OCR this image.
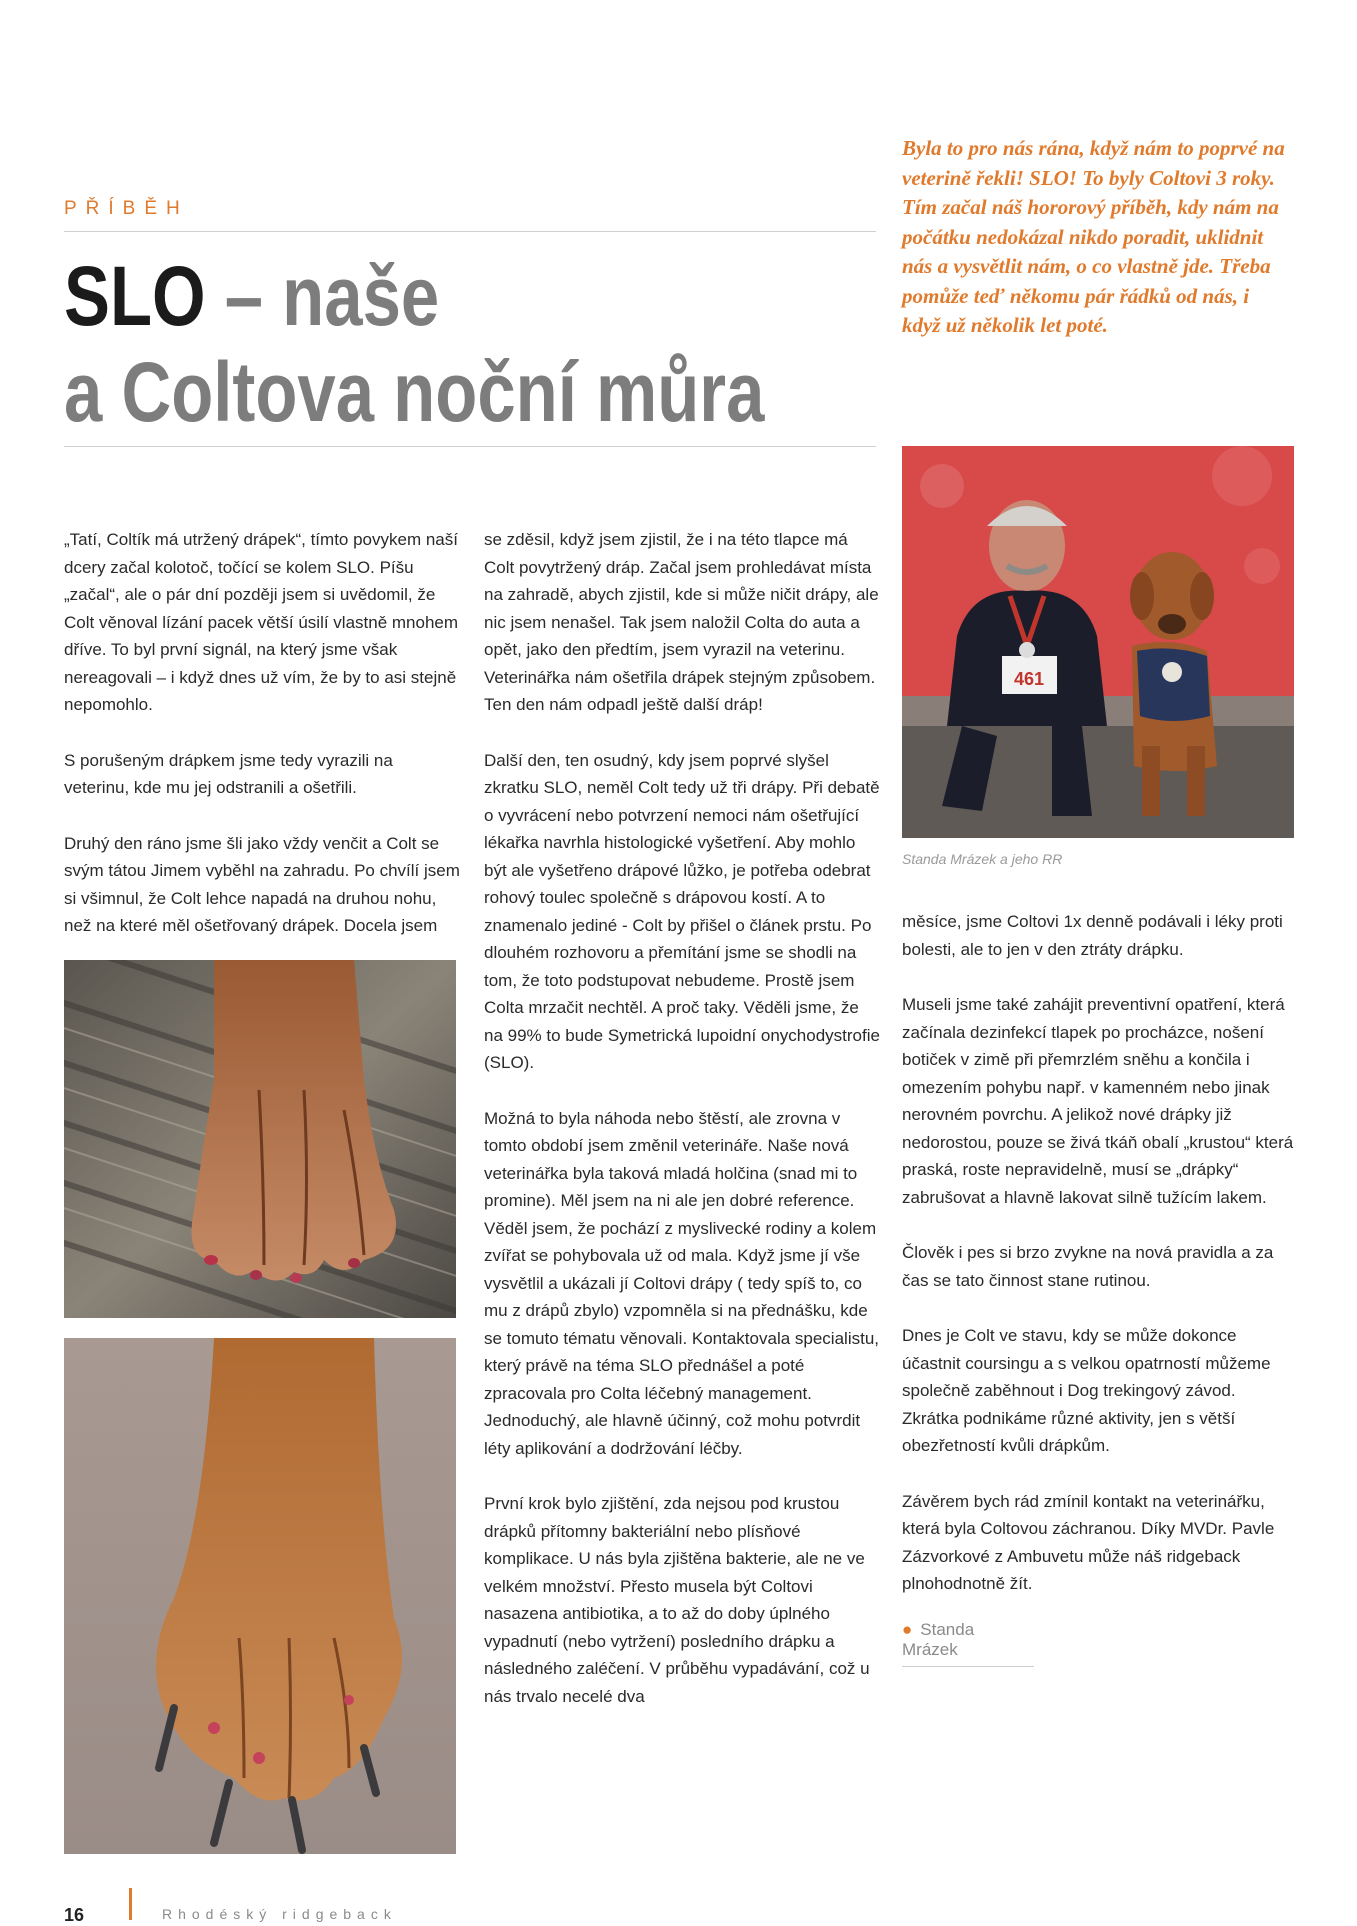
PŘÍBĚH
SLO – naše
a Coltova noční můra
Byla to pro nás rána, když nám to poprvé na veterině řekli! SLO! To byly Coltovi 3 roky. Tím začal náš hororový příběh, kdy nám na počátku nedokázal nikdo poradit, uklidnit nás a vysvětlit nám, o co vlastně jde. Třeba pomůže teď někomu pár řádků od nás, i když už několik let poté.

„Tatí, Coltík má utržený drápek“, tímto povykem naší dcery začal kolotoč, točící se kolem SLO. Píšu „začal“, ale o pár dní později jsem si uvědomil, že Colt věnoval lízání pacek větší úsilí vlastně mnohem dříve. To byl první signál, na který jsme však nereagovali – i když dnes už vím, že by to asi stejně nepomohlo.

S porušeným drápkem jsme tedy vyrazili na veterinu, kde mu jej odstranili a ošetřili.

Druhý den ráno jsme šli jako vždy venčit a Colt se svým tátou Jimem vyběhl na zahradu. Po chvílí jsem si všimnul, že Colt lehce napadá na druhou nohu, než na které měl ošetřovaný drápek. Docela jsem

se zděsil, když jsem zjistil, že i na této tlapce má Colt povytržený dráp. Začal jsem prohledávat místa na zahradě, abych zjistil, kde si může ničit drápy, ale nic jsem nenašel. Tak jsem naložil Colta do auta a opět, jako den předtím, jsem vyrazil na veterinu. Veterinářka nám ošetřila drápek stejným způsobem. Ten den nám odpadl ještě další dráp!

Další den, ten osudný, kdy jsem poprvé slyšel zkratku SLO, neměl Colt tedy už tři drápy. Při debatě o vyvrácení nebo potvrzení nemoci nám ošetřující lékařka navrhla histologické vyšetření. Aby mohlo být ale vyšetřeno drápové lůžko, je potřeba odebrat rohový toulec společně s drápovou kostí. A to znamenalo jediné - Colt by přišel o článek prstu. Po dlouhém rozhovoru a přemítání jsme se shodli na tom, že toto podstupovat nebudeme. Prostě jsem Colta mrzačit nechtěl. A proč taky. Věděli jsme, že na 99% to bude Symetrická lupoidní onychodystrofie (SLO).

Možná to byla náhoda nebo štěstí, ale zrovna v tomto období jsem změnil veterináře. Naše nová veterinářka byla taková mladá holčina (snad mi to promine). Měl jsem na ni ale jen dobré reference. Věděl jsem, že pochází z myslivecké rodiny a kolem zvířat se pohybovala už od mala. Když jsme jí vše vysvětlil a ukázali jí Coltovi drápy ( tedy spíš to, co mu z drápů zbylo) vzpomněla si na přednášku, kde se tomuto tématu věnovali. Kontaktovala specialistu, který právě na téma SLO přednášel a poté zpracovala pro Colta léčebný management. Jednoduchý, ale hlavně účinný, což mohu potvrdit léty aplikování a dodržování léčby.

První krok bylo zjištění, zda nejsou pod krustou drápků přítomny bakteriální nebo plísňové komplikace. U nás byla zjištěna bakterie, ale ne ve velkém množství. Přesto musela být Coltovi nasazena antibiotika, a to až do doby úplného vypadnutí (nebo vytržení) posledního drápku a následného zaléčení. V průběhu vypadávání, což u nás trvalo necelé dva

461
Standa Mrázek a jeho RR

měsíce, jsme Coltovi 1x denně podávali i léky proti bolesti, ale to jen v den ztráty drápku.

Museli jsme také zahájit preventivní opatření, která začínala dezinfekcí tlapek po procházce, nošení botiček v zimě při přemrzlém sněhu a končila i omezením pohybu např. v kamenném nebo jinak nerovném povrchu. A jelikož nové drápky již nedorostou, pouze se živá tkáň obalí „krustou“ která praská, roste nepravidelně, musí se „drápky“ zabrušovat a hlavně lakovat silně tužícím lakem.

Člověk i pes si brzo zvykne na nová pravidla a za čas se tato činnost stane rutinou.

Dnes je Colt ve stavu, kdy se může dokonce účastnit coursingu a s velkou opatrností můžeme společně zaběhnout i Dog trekingový závod. Zkrátka podnikáme různé aktivity, jen s větší obezřetností kvůli drápkům.

Závěrem bych rád zmínil kontakt na veterinářku, která byla Coltovou záchranou. Díky MVDr. Pavle Zázvorkové z Ambuvetu může náš ridgeback plnohodnotně žít.

● Standa Mrázek
16	Rhodéský ridgeback
